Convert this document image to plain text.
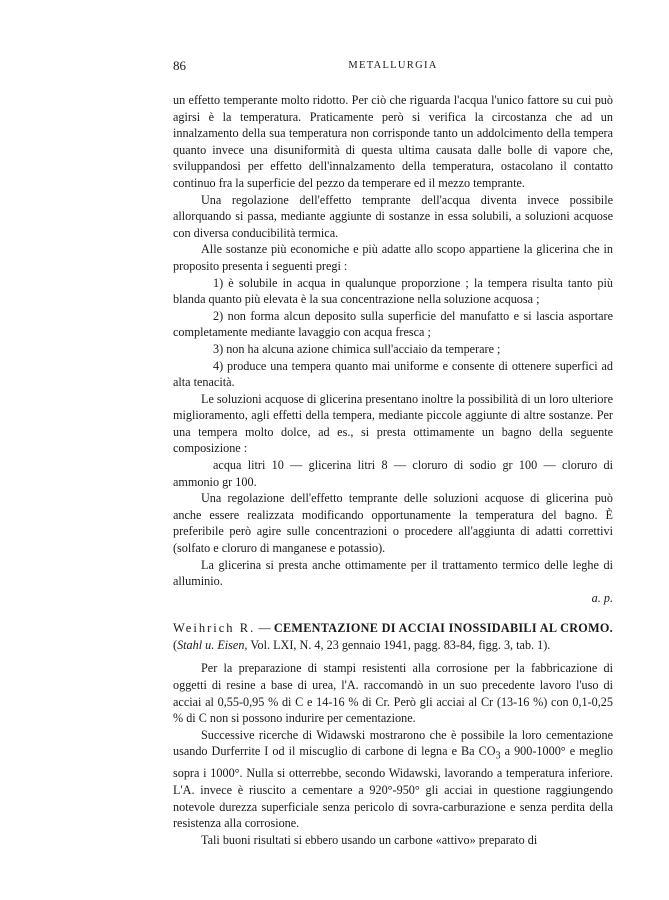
86	METALLURGIA

un effetto temperante molto ridotto. Per ciò che riguarda l'acqua l'unico fattore su cui può agirsi è la temperatura. Praticamente però si verifica la circostanza che ad un innalzamento della sua temperatura non corrisponde tanto un addolcimento della tempera quanto invece una disuniformità di questa ultima causata dalle bolle di vapore che, sviluppandosi per effetto dell'innalzamento della temperatura, ostacolano il contatto continuo fra la superficie del pezzo da temperare ed il mezzo temprante.

Una regolazione dell'effetto temprante dell'acqua diventa invece possibile allorquando si passa, mediante aggiunte di sostanze in essa solubili, a soluzioni acquose con diversa conducibilità termica.

Alle sostanze più economiche e più adatte allo scopo appartiene la glicerina che in proposito presenta i seguenti pregi :

1) è solubile in acqua in qualunque proporzione ; la tempera risulta tanto più blanda quanto più elevata è la sua concentrazione nella soluzione acquosa ;

2) non forma alcun deposito sulla superficie del manufatto e si lascia asportare completamente mediante lavaggio con acqua fresca ;

3) non ha alcuna azione chimica sull'acciaio da temperare ;

4) produce una tempera quanto mai uniforme e consente di ottenere superfici ad alta tenacità.

Le soluzioni acquose di glicerina presentano inoltre la possibilità di un loro ulteriore miglioramento, agli effetti della tempera, mediante piccole aggiunte di altre sostanze. Per una tempera molto dolce, ad es., si presta ottimamente un bagno della seguente composizione :

acqua litri 10 — glicerina litri 8 — cloruro di sodio gr 100 — cloruro di ammonio gr 100.

Una regolazione dell'effetto temprante delle soluzioni acquose di glicerina può anche essere realizzata modificando opportunamente la temperatura del bagno. È preferibile però agire sulle concentrazioni o procedere all'aggiunta di adatti correttivi (solfato e cloruro di manganese e potassio).

La glicerina si presta anche ottimamente per il trattamento termico delle leghe di alluminio.

a. p.

Weihrich R. — CEMENTAZIONE DI ACCIAI INOSSIDABILI AL CROMO. (Stahl u. Eisen, Vol. LXI, N. 4, 23 gennaio 1941, pagg. 83-84, figg. 3, tab. 1).

Per la preparazione di stampi resistenti alla corrosione per la fabbricazione di oggetti di resine a base di urea, l'A. raccomandò in un suo precedente lavoro l'uso di acciai al 0,55-0,95 % di C e 14-16 % di Cr. Però gli acciai al Cr (13-16 %) con 0,1-0,25 % di C non si possono indurire per cementazione.

Successive ricerche di Widawski mostrarono che è possibile la loro cementazione usando Durferrite I od il miscuglio di carbone di legna e Ba $CO_3$ a 900-1000° e meglio sopra i 1000°. Nulla si otterrebbe, secondo Widawski, lavorando a temperatura inferiore. L'A. invece è riuscito a cementare a 920°-950° gli acciai in questione raggiungendo notevole durezza superficiale senza pericolo di sovra-carburazione e senza perdita della resistenza alla corrosione.

Tali buoni risultati si ebbero usando un carbone «attivo» preparato di
